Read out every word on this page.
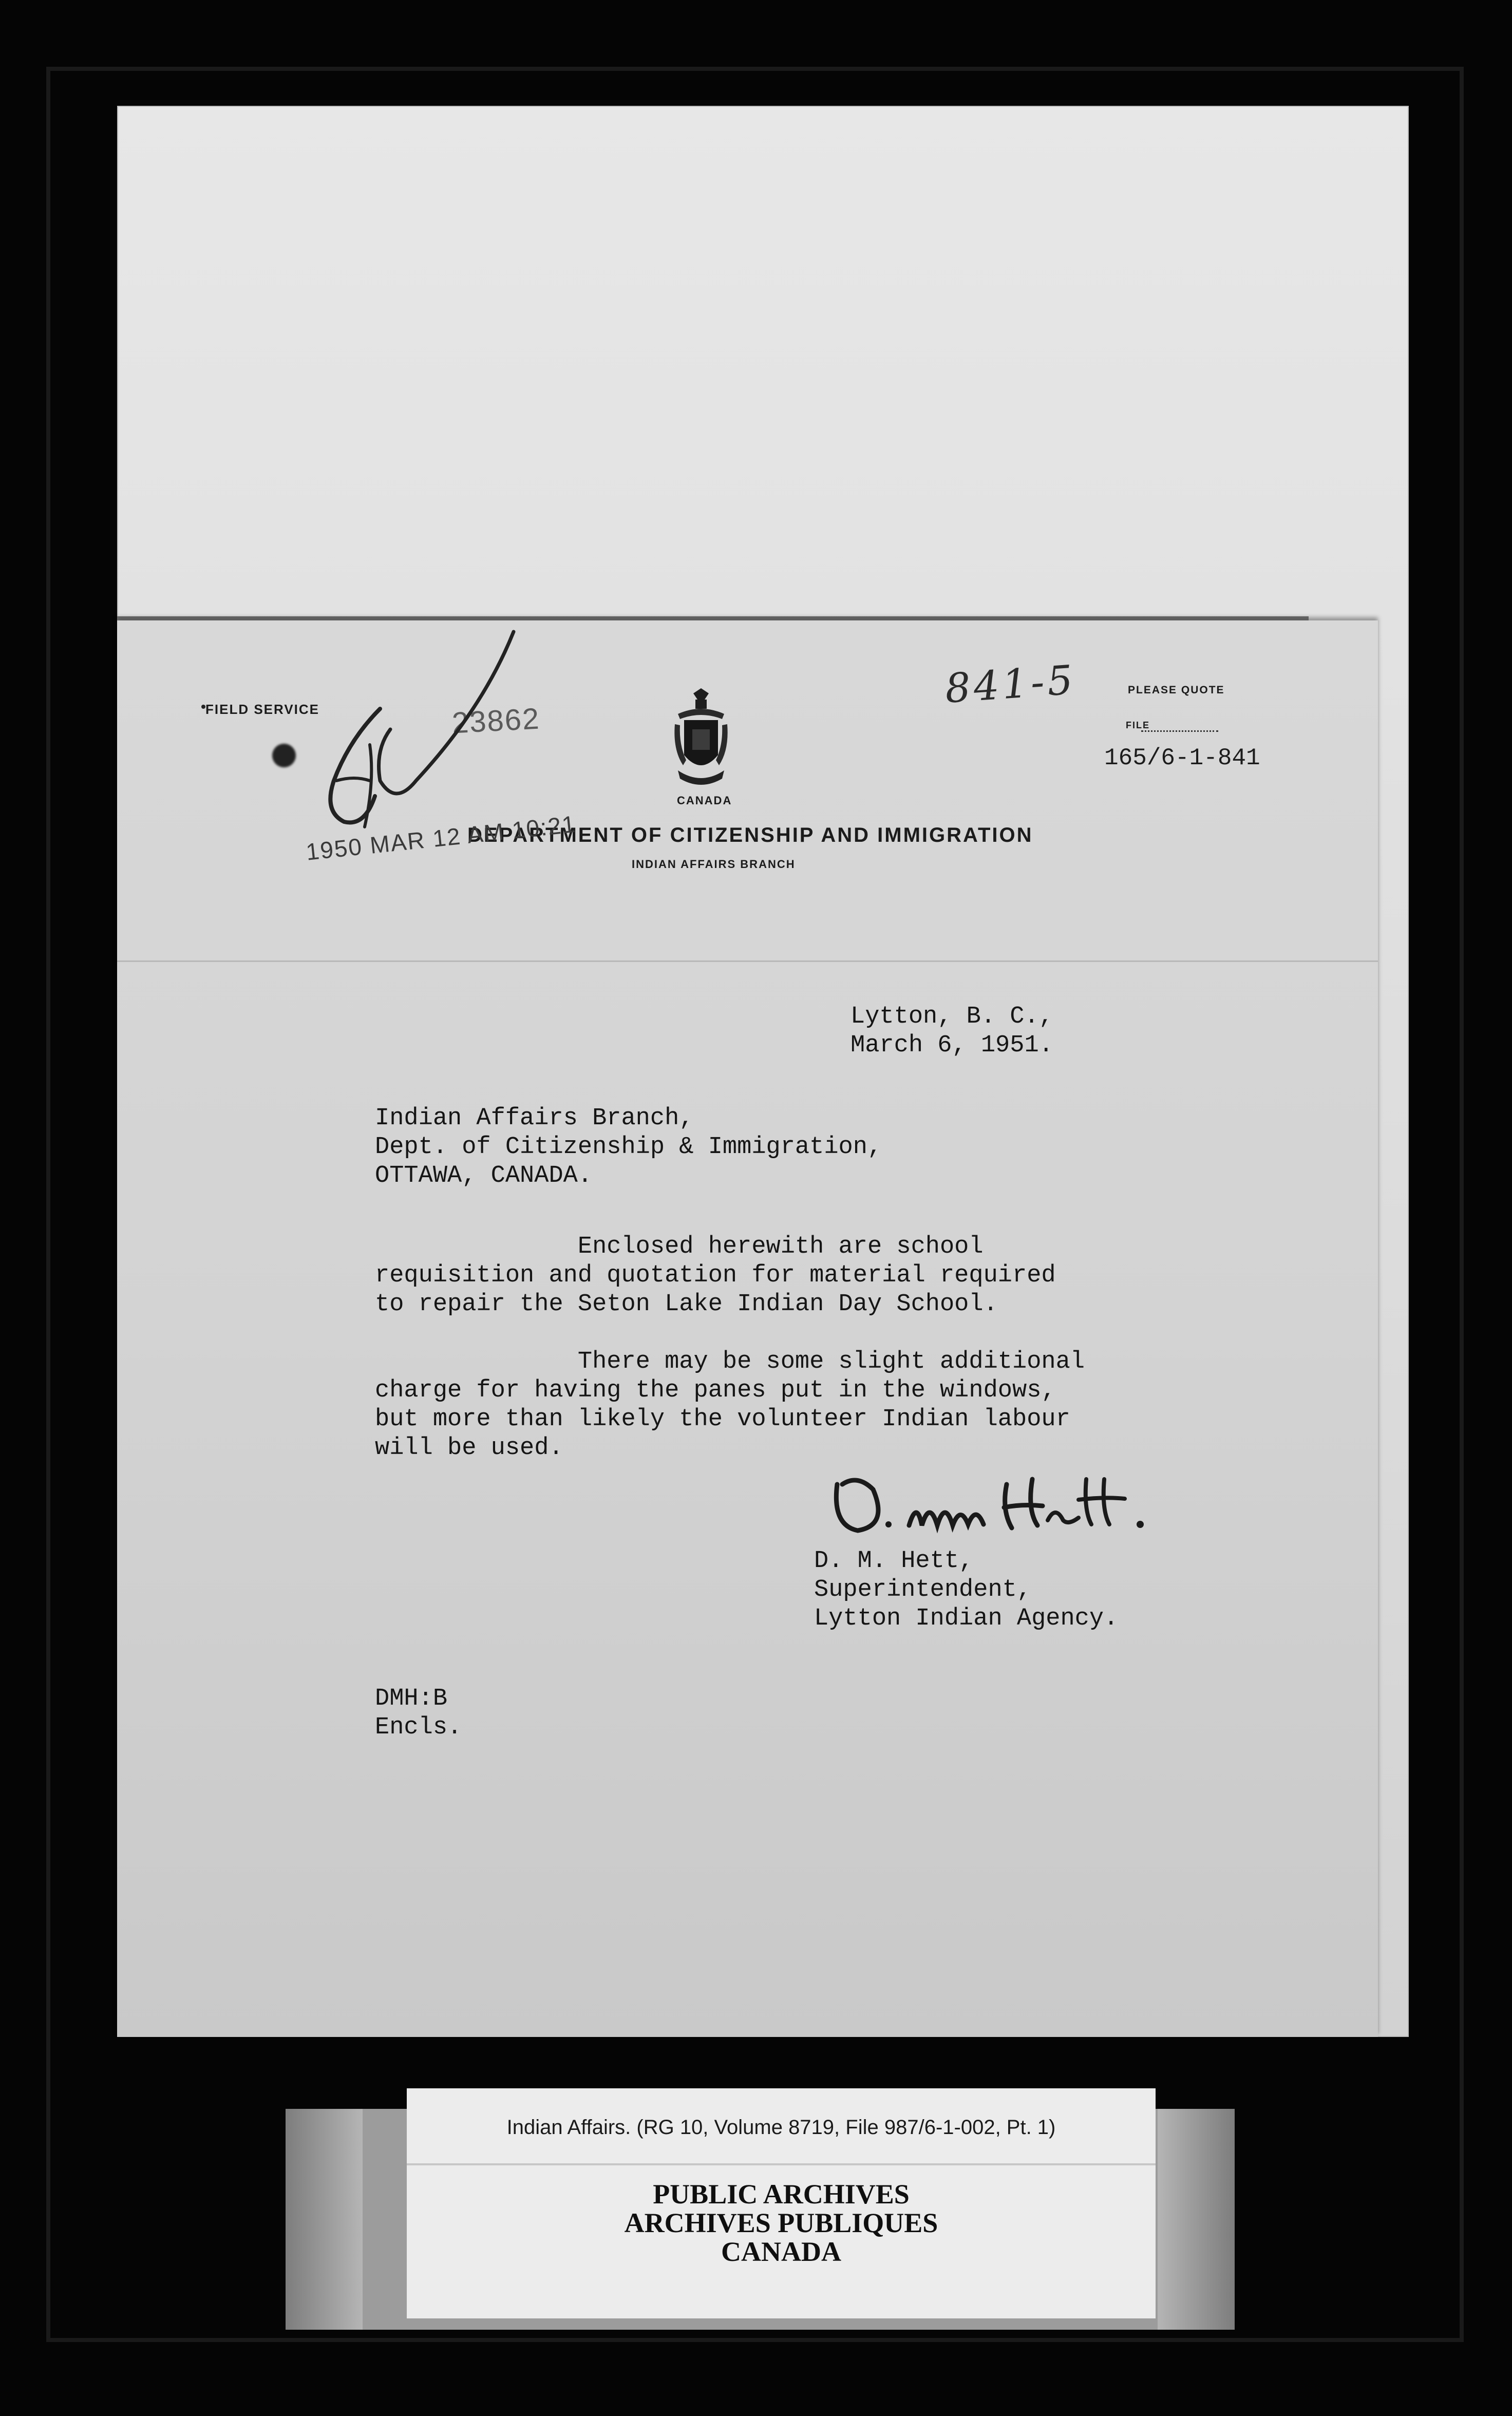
FIELD SERVICE
CANADA
DEPARTMENT OF CITIZENSHIP AND IMMIGRATION
INDIAN AFFAIRS BRANCH
PLEASE QUOTE
FILE
165/6-1-841
841-5
23862
1950 MAR 12 AM 10:21
Lytton, B. C.,
March 6, 1951.
Indian Affairs Branch,
Dept. of Citizenship & Immigration,
OTTAWA, CANADA.
Enclosed herewith are school
requisition and quotation for material required
to repair the Seton Lake Indian Day School.

There may be some slight additional
charge for having the panes put in the windows,
but more than likely the volunteer Indian labour
will be used.
D. M. Hett,
Superintendent,
Lytton Indian Agency.
DMH:B
Encls.
Indian Affairs. (RG 10, Volume 8719, File 987/6-1-002, Pt. 1)
PUBLIC ARCHIVES
ARCHIVES PUBLIQUES
CANADA
